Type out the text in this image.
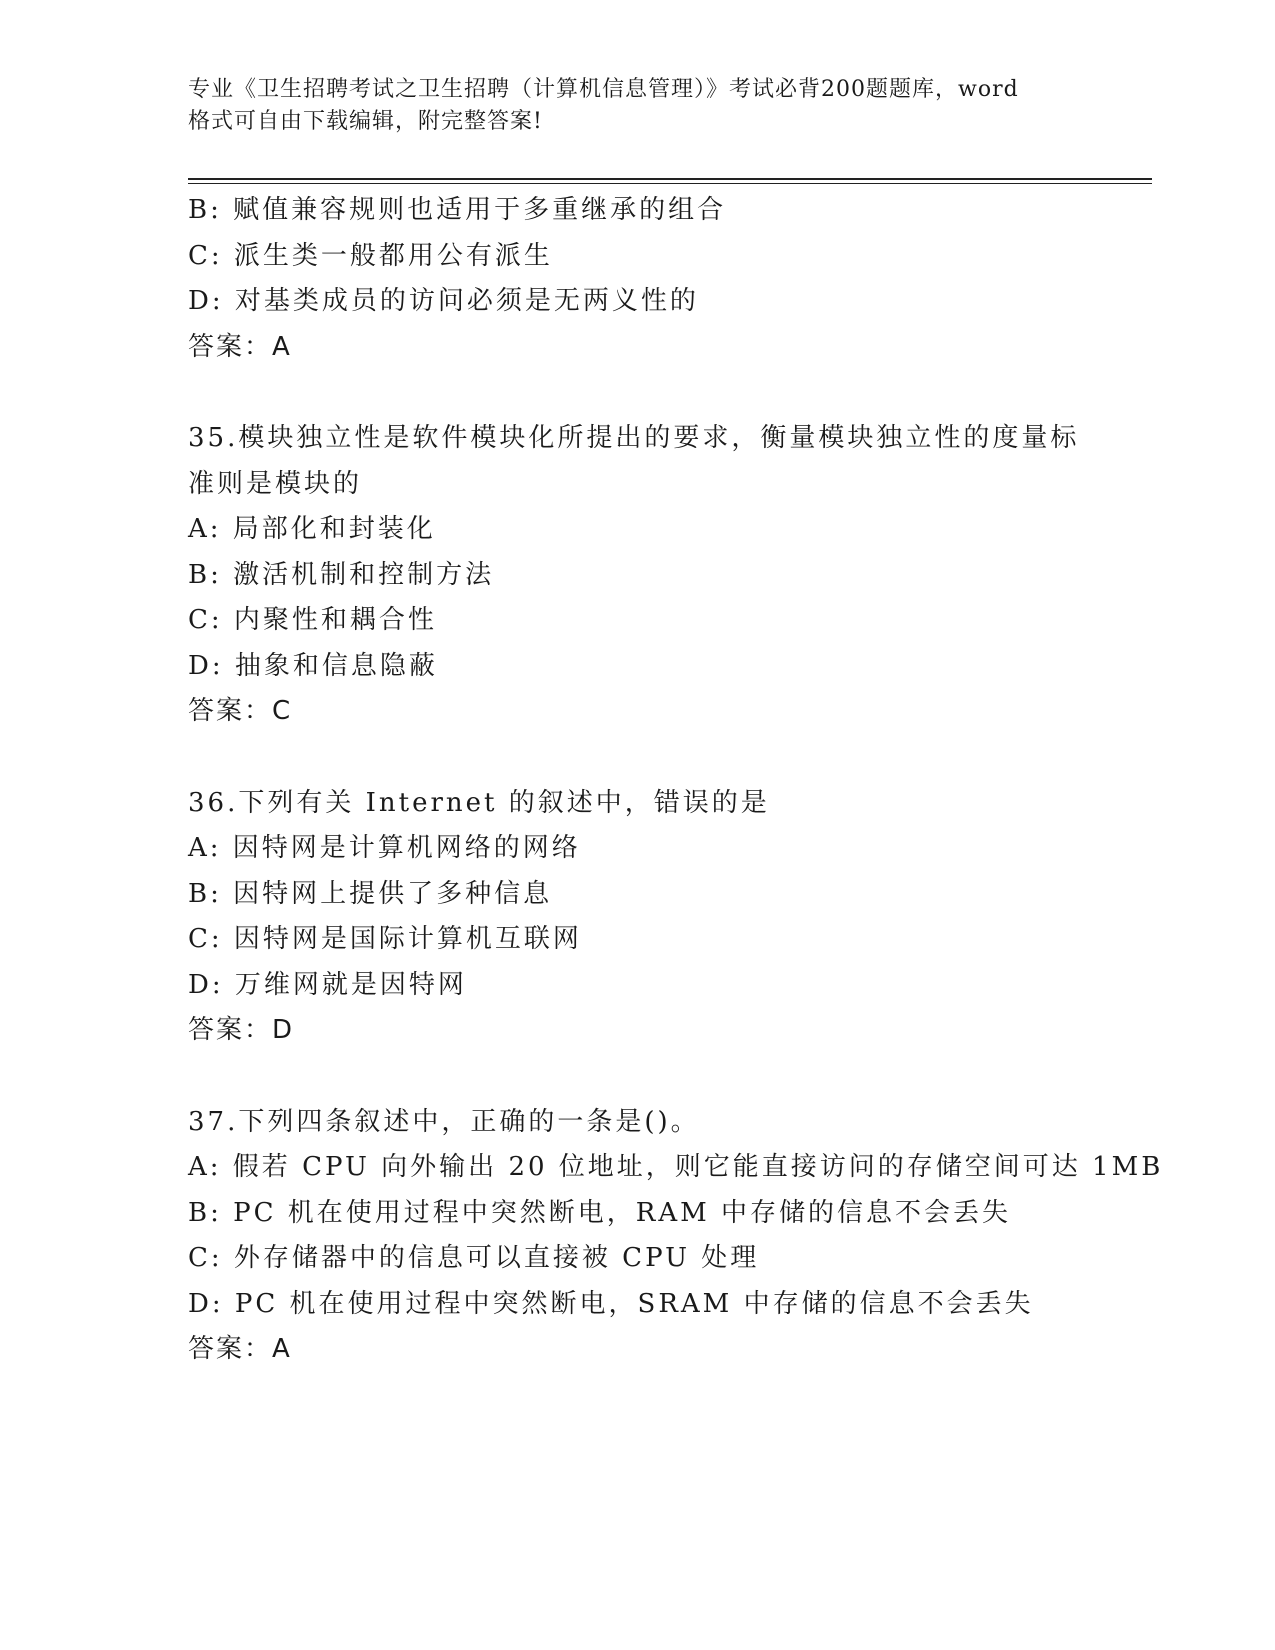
专业《卫生招聘考试之卫生招聘（计算机信息管理）》考试必背200题题库，word
格式可自由下载编辑，附完整答案!
B: 赋值兼容规则也适用于多重继承的组合
C: 派生类一般都用公有派生
D: 对基类成员的访问必须是无两义性的
答案：A
35.模块独立性是软件模块化所提出的要求，衡量模块独立性的度量标
准则是模块的
A: 局部化和封装化
B: 激活机制和控制方法
C: 内聚性和耦合性
D: 抽象和信息隐蔽
答案：C
36.下列有关 Internet 的叙述中，错误的是
A: 因特网是计算机网络的网络
B: 因特网上提供了多种信息
C: 因特网是国际计算机互联网
D: 万维网就是因特网
答案：D
37.下列四条叙述中，正确的一条是()。
A: 假若 CPU 向外输出 20 位地址，则它能直接访问的存储空间可达 1MB
B: PC 机在使用过程中突然断电，RAM 中存储的信息不会丢失
C: 外存储器中的信息可以直接被 CPU 处理
D: PC 机在使用过程中突然断电，SRAM 中存储的信息不会丢失
答案：A
